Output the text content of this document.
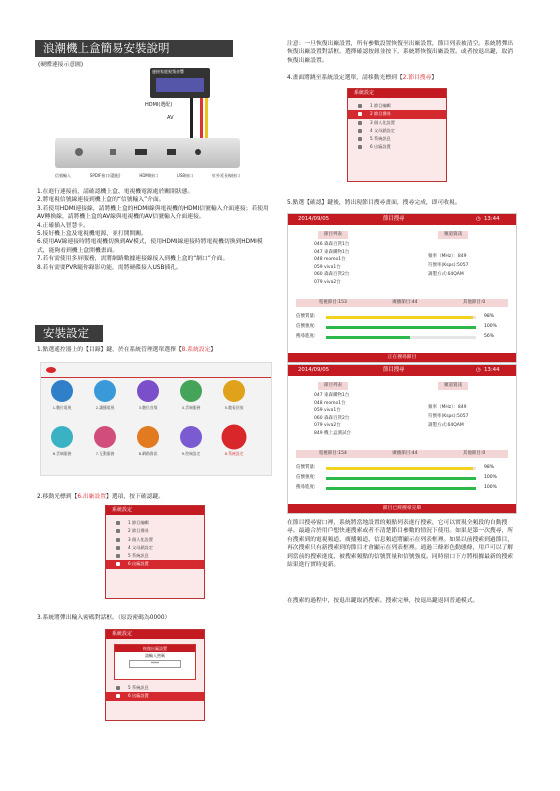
浪潮機上盒簡易安裝說明
(硬體連接示意圖)
連接家庭視頻音響
HDMI(選配)
AV
信號輸入	SPDIF接口(選配)	HDMI接口	USB接口	紅外延長線接口
1.在進行連接前，請確認機上盒、電視機電源處於關閉狀態。
2.將電視信號線連接到機上盒的“信號輸入”介面。
3.若使用HDMI連接線，請將機上盒的HDMI線與電視機的HDMI信號輸入介面連接；若使用AV轉換線，請將機上盒的AV線與電視機的AV信號輸入介面連接。
4.正確插入智慧卡。
5.接好機上盒及電視機電源，並打開開關。
6.使用AV線連接時將電視機切換到AV模式，使用HDMI線連接時將電視機切換到HDMI模式，能夠看到機上盒開機畫面。
7.若有需使用多屏服務，需將網路數據連接線接入到機上盒的“網口”介面。
8.若有需要PVR隨你錄影功能，需將硬碟接入USB插孔。
安裝設定
1.點選遙控器上的【目錄】鍵，於在系統管理選單選擇【8.系統設定】
1.數位電視	2.讓播電視	3.數位音頻	4.雲端服務	5.隨看回放
6.雲端服務	7.互動服務	8.網路資訊	9.控端設定	8.系統設定
2.移動光標到【6.出廠設置】選項，按下確認鍵。
系統設定
1 節目編輯
2 節目搜尋
3 個人化設置
4 父母鎖設定
5 系統訊息
6 出廠設置
3.系統將彈出輸入密碼對話框。（原設密碼為0000）
系統設定
恢復出廠設置
請輸入密碼
****
5 系統訊息
6 出廠設置
注意：一旦恢復出廠設置，所有參數設置恢復至出廠設置，節目列表被清空。系統將彈出恢復出廠設置對話框，選擇確認按鈕並按下，系統將恢復出廠設置。或者按退出鍵，取消恢復出廠設置。
4.畫面將跳至系統設定選單，請移動光標到【2.節目搜尋】
系統設定
1 節目編輯
2 節目搜尋
3 個人化設置
4 父母鎖設定
5 系統訊息
6 出廠設置
5.點選【確認】鍵後，將出現節目搜尋畫面，搜尋完成，即可收視。
2014/09/05	節目搜尋	◷ 13:44

節目列表	頻道資訊
046 森森百貨1台
047 東森購物1台
048 momo1台
059 viva1台
060 森森百貨2台
079 viva2台
頻率（MHz）：849
符號率(Ksps):5057
調製方式:64QAM
電視節目:153	廣播節目:44	其他節目:0
信號質量:	98%
信號強度:	100%
搜尋進度:	56%
正在搜尋節目
2014/09/05	節目搜尋	◷ 13:44

節目列表	頻道資訊
047 東森購物1台
048 momo1台
059 viva1台
060 森森百貨2台
079 viva2台
849 機上盒測試台
頻率（MHz）：849
符號率(Ksps):5057
調製方式:64QAM
電視節目:154	廣播節目:44	其他節目:0
信號質量:	98%
信號強度:	100%
搜尋進度:	100%
節目已經搜尋完畢
在節目搜尋窗口裡，系統將當地設置的頻點列表進行搜索，它可以實現全頻段的自動搜尋。最適合於用戶想快速搜索或者不清楚節目參數的情況下使用。如果是第一次搜尋，所有搜索到的電視頻道、廣播頻道、信息頻道將顯示在列表框裡。如果以前搜索到過節目，再次搜索只有新搜索到的節目才會顯示在列表框裡。通過三條彩色動態條，用戶可以了解到當前的搜索進度、被搜索頻點的信號質量和信號強度。同時窗口下方將根據最新的搜索結果進行實時更新。
在搜索的過程中，按退出鍵取消搜索。搜索完畢，按退出鍵返回普通模式。
